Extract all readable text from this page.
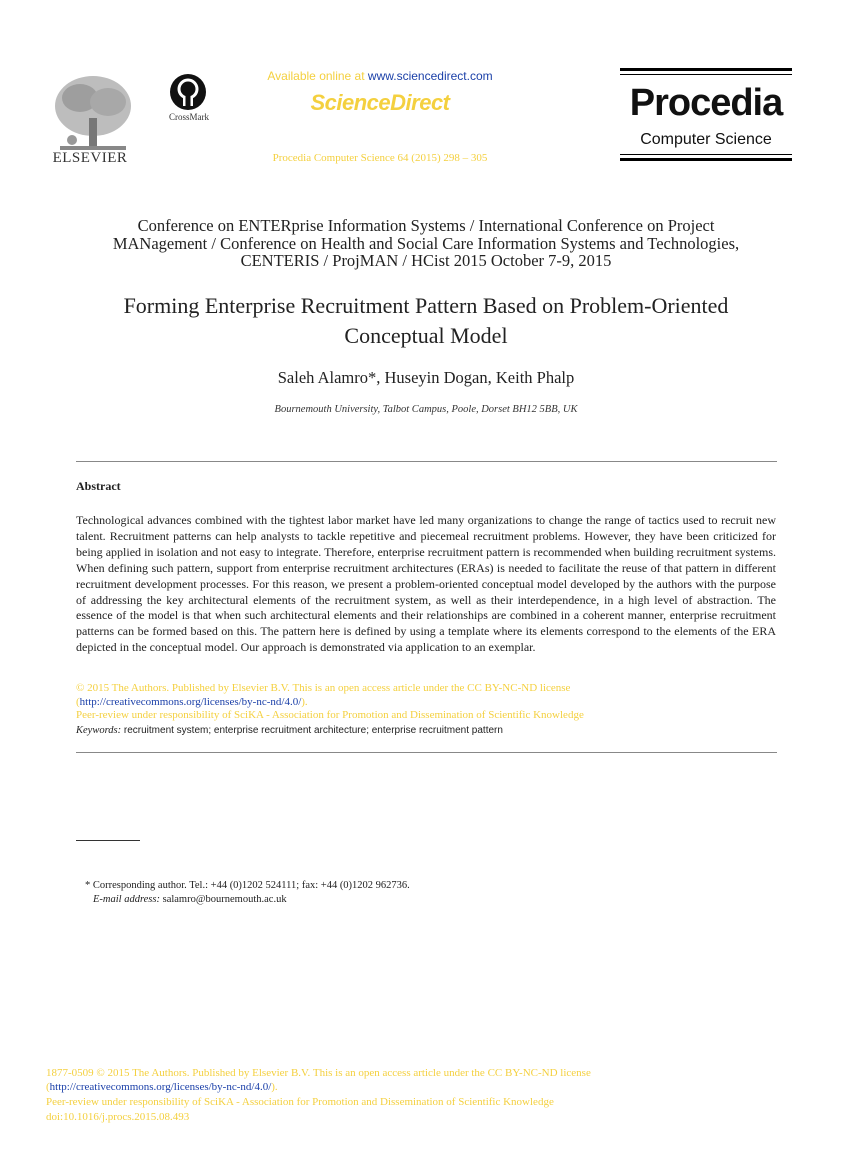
ELSEVIER
CrossMark
Available online at www.sciencedirect.com
ScienceDirect
Procedia Computer Science 64 (2015) 298 – 305
Procedia
Computer Science
Conference on ENTERprise Information Systems / International Conference on Project
MANagement / Conference on Health and Social Care Information Systems and Technologies,
CENTERIS / ProjMAN / HCist 2015 October 7-9, 2015
Forming Enterprise Recruitment Pattern Based on Problem-Oriented
Conceptual Model
Saleh Alamro*, Huseyin Dogan, Keith Phalp
Bournemouth University, Talbot Campus, Poole, Dorset BH12 5BB, UK
Abstract
Technological advances combined with the tightest labor market have led many organizations to change the range of tactics used to recruit new talent. Recruitment patterns can help analysts to tackle repetitive and piecemeal recruitment problems. However, they have been criticized for being applied in isolation and not easy to integrate. Therefore, enterprise recruitment pattern is recommended when building recruitment systems. When defining such pattern, support from enterprise recruitment architectures (ERAs) is needed to facilitate the reuse of that pattern in different recruitment development processes. For this reason, we present a problem-oriented conceptual model developed by the authors with the purpose of addressing the key architectural elements of the recruitment system, as well as their interdependence, in a high level of abstraction. The essence of the model is that when such architectural elements and their relationships are combined in a coherent manner, enterprise recruitment patterns can be formed based on this. The pattern here is defined by using a template where its elements correspond to the elements of the ERA depicted in the conceptual model. Our approach is demonstrated via application to an exemplar.
© 2015 The Authors. Published by Elsevier B.V. This is an open access article under the CC BY-NC-ND license
(http://creativecommons.org/licenses/by-nc-nd/4.0/).
Peer-review under responsibility of SciKA - Association for Promotion and Dissemination of Scientific Knowledge
Keywords: recruitment system; enterprise recruitment architecture; enterprise recruitment pattern
* Corresponding author. Tel.: +44 (0)1202 524111; fax: +44 (0)1202 962736.
E-mail address: salamro@bournemouth.ac.uk
1877-0509 © 2015 The Authors. Published by Elsevier B.V. This is an open access article under the CC BY-NC-ND license
(http://creativecommons.org/licenses/by-nc-nd/4.0/).
Peer-review under responsibility of SciKA - Association for Promotion and Dissemination of Scientific Knowledge
doi:10.1016/j.procs.2015.08.493
